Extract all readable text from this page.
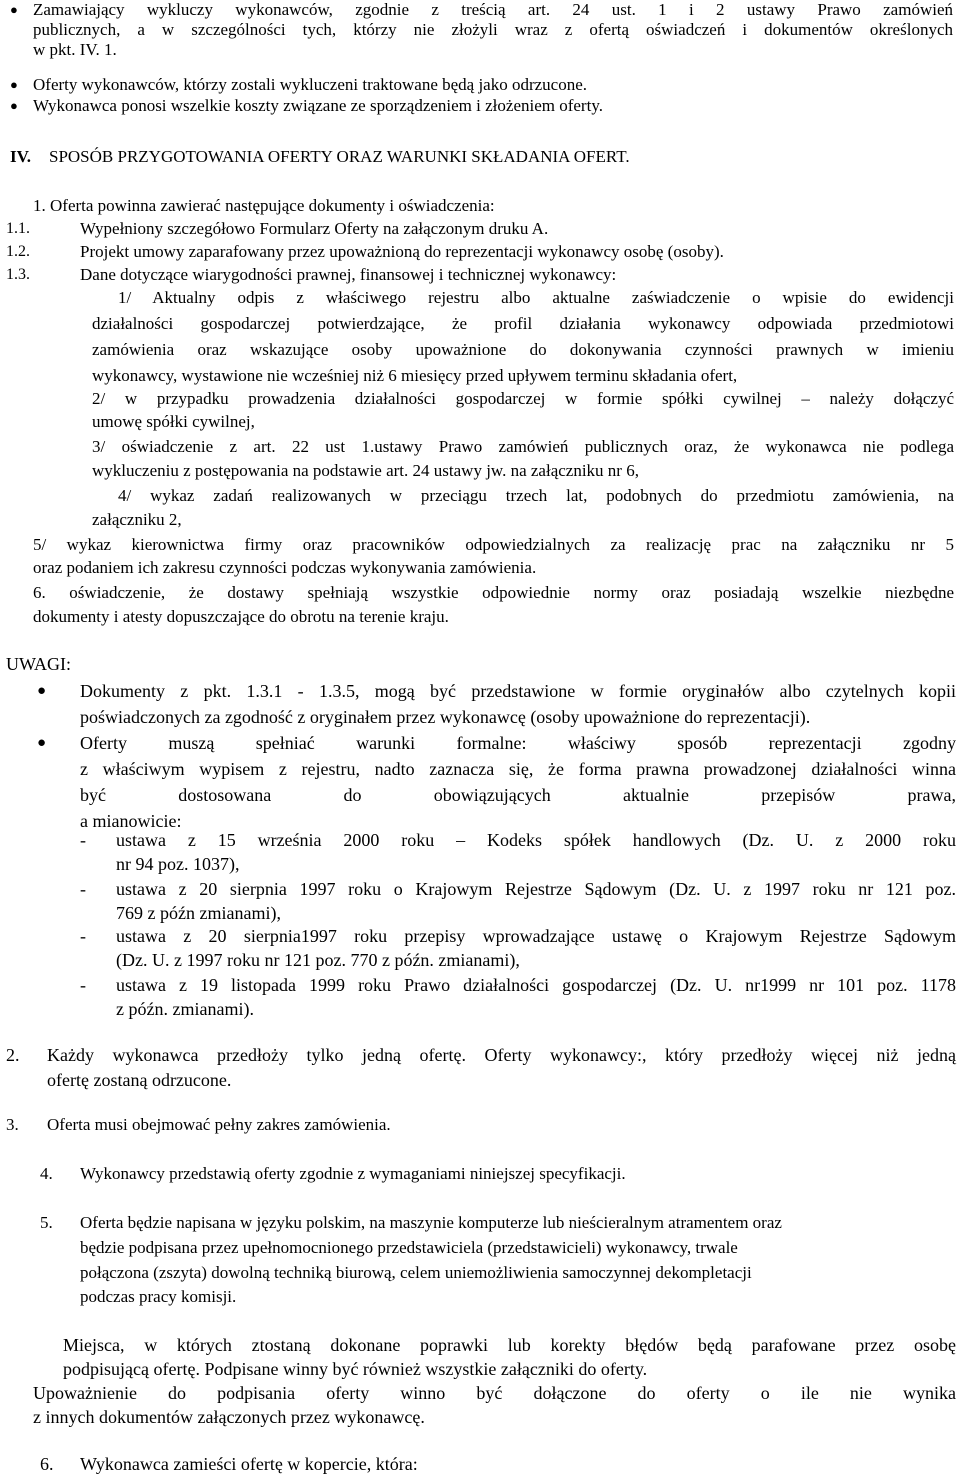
● Zamawiający wykluczy wykonawców, zgodnie z treścią art. 24 ust. 1 i 2 ustawy Prawo zamówień

publicznych, a w szczególności tych, którzy nie złożyli wraz z ofertą oświadczeń i dokumentów określonych

w pkt. IV. 1.

● Oferty wykonawców, którzy zostali wykluczeni traktowane będą jako odrzucone.

● Wykonawca ponosi wszelkie koszty związane ze sporządzeniem i złożeniem oferty.

IV. SPOSÓB PRZYGOTOWANIA OFERTY ORAZ WARUNKI SKŁADANIA OFERT.

1. Oferta powinna zawierać następujące dokumenty i oświadczenia:

1.1.	Wypełniony szczegółowo Formularz Oferty na załączonym druku A.

1.2.	Projekt umowy zaparafowany przez upoważnioną do reprezentacji wykonawcy osobę (osoby).

1.3.	Dane dotyczące wiarygodności prawnej, finansowej i technicznej wykonawcy:

1/ Aktualny odpis z właściwego rejestru albo aktualne zaświadczenie o wpisie do ewidencji

działalności gospodarczej potwierdzające, że profil działania wykonawcy odpowiada przedmiotowi

zamówienia oraz wskazujące osoby upoważnione do dokonywania czynności prawnych w imieniu

wykonawcy, wystawione nie wcześniej niż 6 miesięcy przed upływem terminu składania ofert,

2/ w przypadku prowadzenia działalności gospodarczej w formie spółki cywilnej – należy dołączyć

umowę spółki cywilnej,

3/ oświadczenie z art. 22 ust 1.ustawy Prawo zamówień publicznych oraz, że wykonawca nie podlega

wykluczeniu z postępowania na podstawie art. 24 ustawy jw. na załączniku nr 6,

4/ wykaz zadań realizowanych w przeciągu trzech lat, podobnych do przedmiotu zamówienia, na

załączniku 2,

5/ wykaz kierownictwa firmy oraz pracowników odpowiedzialnych za realizację prac na załączniku nr 5

oraz podaniem ich zakresu czynności podczas wykonywania zamówienia.

6. oświadczenie, że dostawy spełniają wszystkie odpowiednie normy oraz posiadają wszelkie niezbędne

dokumenty i atesty dopuszczające do obrotu na terenie kraju.

UWAGI:

● Dokumenty z pkt. 1.3.1 - 1.3.5, mogą być przedstawione w formie oryginałów albo czytelnych kopii

poświadczonych za zgodność z oryginałem przez wykonawcę (osoby upoważnione do reprezentacji).

● Oferty muszą spełniać warunki formalne: właściwy sposób reprezentacji zgodny

z właściwym wypisem z rejestru, nadto zaznacza się, że forma prawna prowadzonej działalności winna

być dostosowana do obowiązujących aktualnie przepisów prawa,

a mianowicie:

- ustawa z 15 września 2000 roku – Kodeks spółek handlowych (Dz. U. z 2000 roku

nr 94 poz. 1037),

- ustawa z 20 sierpnia 1997 roku o Krajowym Rejestrze Sądowym (Dz. U. z 1997 roku nr 121 poz.

769 z późn zmianami),

- ustawa z 20 sierpnia1997 roku przepisy wprowadzające ustawę o Krajowym Rejestrze Sądowym

(Dz. U. z 1997 roku nr 121 poz. 770 z późn. zmianami),

- ustawa z 19 listopada 1999 roku Prawo działalności gospodarczej (Dz. U. nr1999 nr 101 poz. 1178

z późn. zmianami).

2. Każdy wykonawca przedłoży tylko jedną ofertę. Oferty wykonawcy:, który przedłoży więcej niż jedną

ofertę zostaną odrzucone.

3. Oferta musi obejmować pełny zakres zamówienia.

4. Wykonawcy przedstawią oferty zgodnie z wymaganiami niniejszej specyfikacji.

5. Oferta będzie napisana w języku polskim, na maszynie komputerze lub nieścieralnym atramentem oraz

będzie podpisana przez upełnomocnionego przedstawiciela (przedstawicieli) wykonawcy, trwale

połączona (zszyta) dowolną techniką biurową, celem uniemożliwienia samoczynnej dekompletacji

podczas pracy komisji.

Miejsca, w których ztostaną dokonane poprawki lub korekty błędów będą parafowane przez osobę

podpisującą ofertę. Podpisane winny być również wszystkie załączniki do oferty.

Upoważnienie do podpisania oferty winno być dołączone do oferty o ile nie wynika

z innych dokumentów załączonych przez wykonawcę.

6. Wykonawca zamieści ofertę w kopercie, która:
